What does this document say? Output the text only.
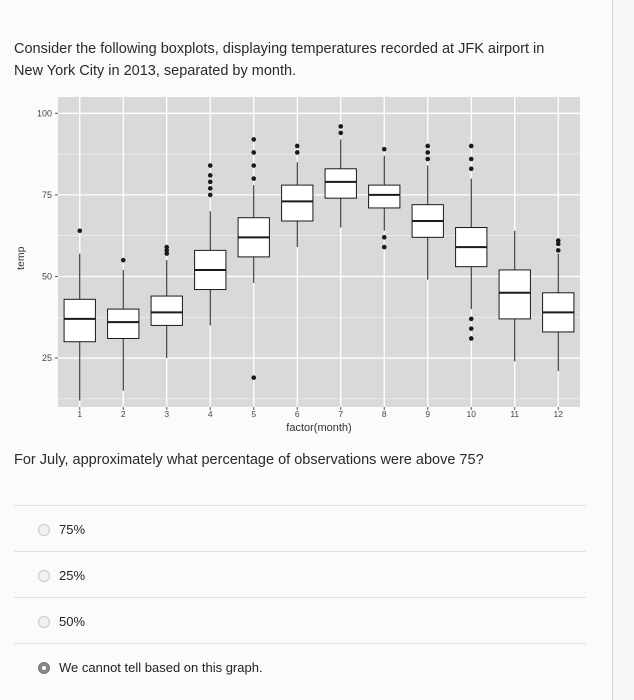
Consider the following boxplots, displaying temperatures recorded at JFK airport in New York City in 2013, separated by month.
25
50
75
100
temp
1	2	3	4	5	6	7	8	9	10	11	12
factor(month)
For July, approximately what percentage of observations were above 75?
75%
25%
50%
We cannot tell based on this graph.
